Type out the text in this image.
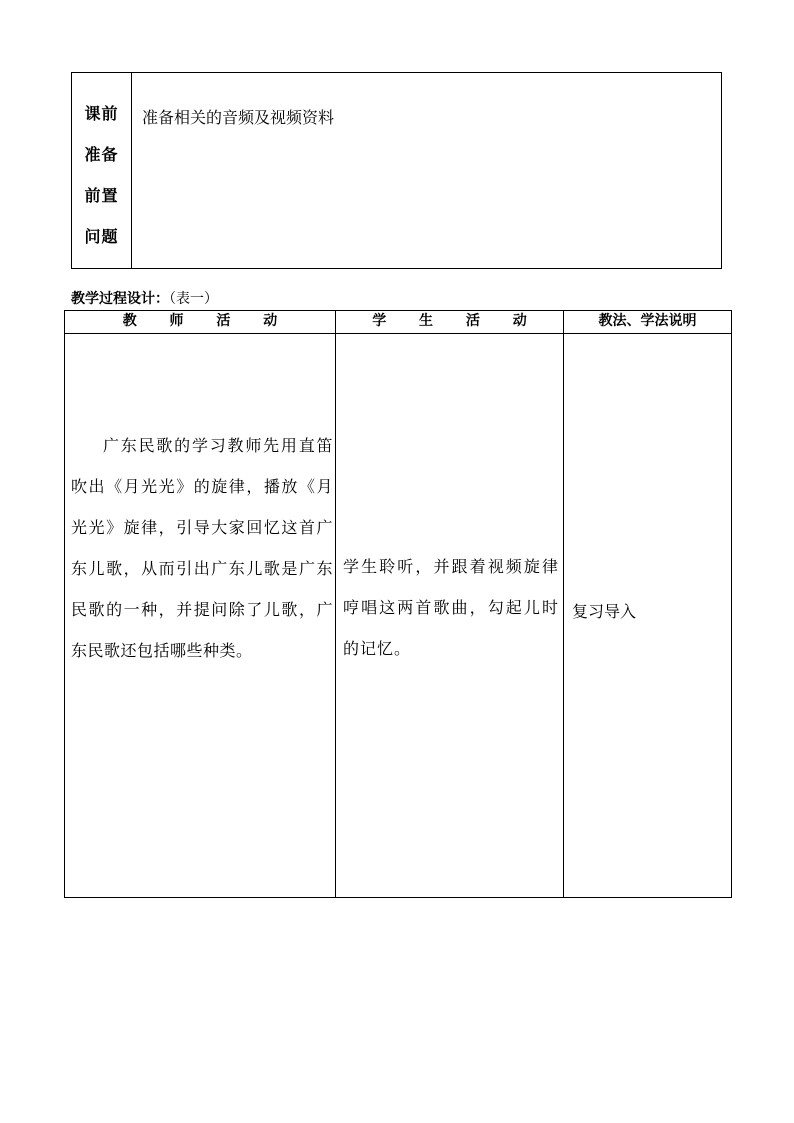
课前
准备
前置
问题
准备相关的音频及视频资料
教学过程设计：（表一）
教 师 活 动	学 生 活 动	教法、学法说明
广东民歌的学习教师先用直笛吹出《月光光》的旋律，播放《月光光》旋律，引导大家回忆这首广东儿歌，从而引出广东儿歌是广东民歌的一种，并提问除了儿歌，广东民歌还包括哪些种类。
学生聆听，并跟着视频旋律哼唱这两首歌曲，勾起儿时的记忆。
复习导入
